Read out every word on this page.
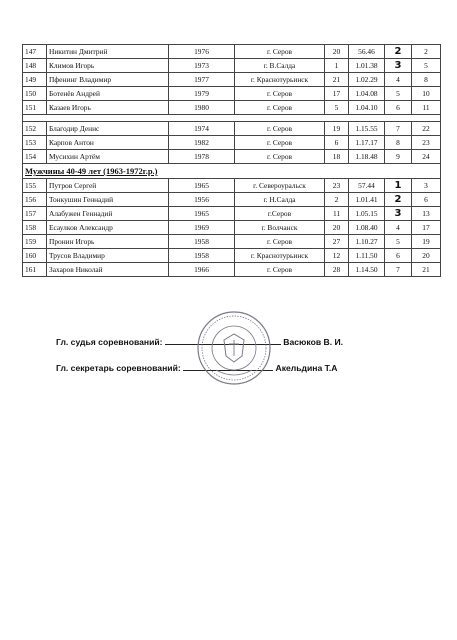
147	Никитин Дмитрий	1976	г. Серов	20	56.46	2	2
148	Климов Игорь	1973	г. В.Салда	1	1.01.38	3	5
149	Пфенинг Владимир	1977	г. Краснотурьинск	21	1.02.29	4	8
150	Ботенёв Андрей	1979	г. Серов	17	1.04.08	5	10
151	Казаев Игорь	1980	г. Серов	5	1.04.10	6	11

152	Благодир Денис	1974	г. Серов	19	1.15.55	7	22
153	Карпов Антон	1982	г. Серов	6	1.17.17	8	23
154	Мусихин Артём	1978	г. Серов	18	1.18.48	9	24
Мужчины 40-49 лет (1963-1972г.р.)							
155	Путров Сергей	1965	г. Североуральск	23	57.44	1	3
156	Тонкушин Геннадий	1956	г. Н.Салда	2	1.01.41	2	6
157	Алабужен Геннадий	1965	г.Серов	11	1.05.15	3	13
158	Есаулков Александр	1969	г. Волчанск	20	1.08.40	4	17
159	Пронин Игорь	1958	г. Серов	27	1.10.27	5	19
160	Трусов Владимир	1958	г. Краснотурьинск	12	1.11.50	6	20
161	Захаров Николай	1966	г. Серов	28	1.14.50	7	21
Гл. судья соревнований:	Васюков В. И.
Гл. секретарь соревнований:	Акельдина Т.А
